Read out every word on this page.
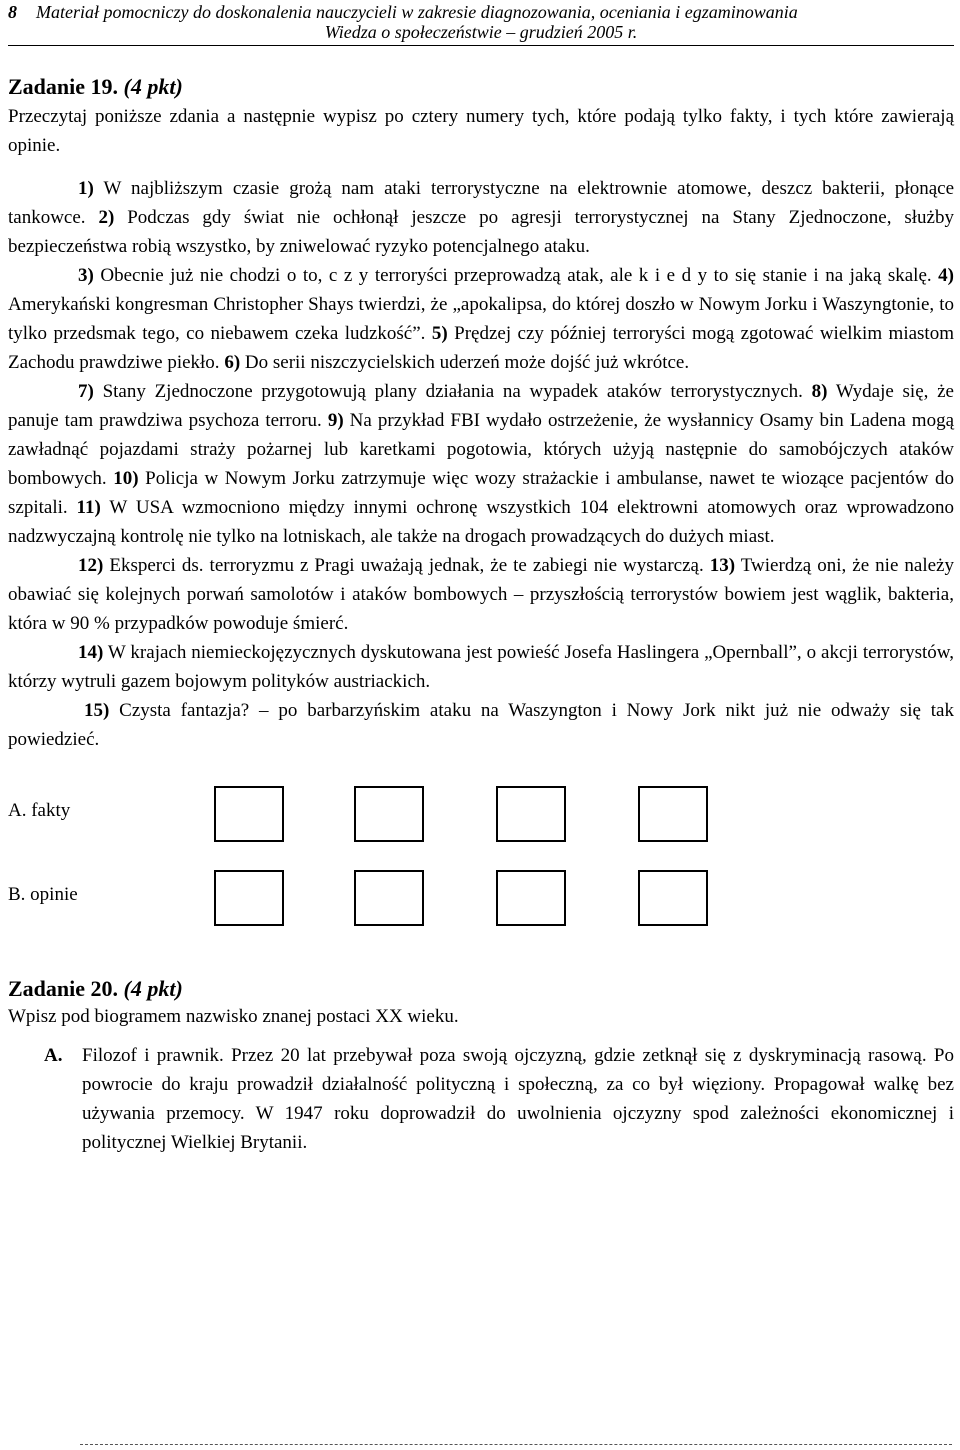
8 Materiał pomocniczy do doskonalenia nauczycieli w zakresie diagnozowania, oceniania i egzaminowania
Wiedza o społeczeństwie – grudzień 2005 r.
Zadanie 19. (4 pkt)

Przeczytaj poniższe zdania a następnie wypisz po cztery numery tych, które podają tylko fakty, i tych które zawierają opinie.

1) W najbliższym czasie grożą nam ataki terrorystyczne na elektrownie atomowe, deszcz bakterii, płonące tankowce. 2) Podczas gdy świat nie ochłonął jeszcze po agresji terrorystycznej na Stany Zjednoczone, służby bezpieczeństwa robią wszystko, by zniwelować ryzyko potencjalnego ataku.

3) Obecnie już nie chodzi o to, c z y terroryści przeprowadzą atak, ale k i e d y to się stanie i na jaką skalę. 4) Amerykański kongresman Christopher Shays twierdzi, że „apokalipsa, do której doszło w Nowym Jorku i Waszyngtonie, to tylko przedsmak tego, co niebawem czeka ludzkość”. 5) Prędzej czy później terroryści mogą zgotować wielkim miastom Zachodu prawdziwe piekło. 6) Do serii niszczycielskich uderzeń może dojść już wkrótce.

7) Stany Zjednoczone przygotowują plany działania na wypadek ataków terrorystycznych. 8) Wydaje się, że panuje tam prawdziwa psychoza terroru. 9) Na przykład FBI wydało ostrzeżenie, że wysłannicy Osamy bin Ladena mogą zawładnąć pojazdami straży pożarnej lub karetkami pogotowia, których użyją następnie do samobójczych ataków bombowych. 10) Policja w Nowym Jorku zatrzymuje więc wozy strażackie i ambulanse, nawet te wiozące pacjentów do szpitali. 11) W USA wzmocniono między innymi ochronę wszystkich 104 elektrowni atomowych oraz wprowadzono nadzwyczajną kontrolę nie tylko na lotniskach, ale także na drogach prowadzących do dużych miast.

12) Eksperci ds. terroryzmu z Pragi uważają jednak, że te zabiegi nie wystarczą. 13) Twierdzą oni, że nie należy obawiać się kolejnych porwań samolotów i ataków bombowych – przyszłością terrorystów bowiem jest wąglik, bakteria, która w 90 % przypadków powoduje śmierć.

14) W krajach niemieckojęzycznych dyskutowana jest powieść Josefa Haslingera „Opernball”, o akcji terrorystów, którzy wytruli gazem bojowym polityków austriackich.

15) Czysta fantazja? – po barbarzyńskim ataku na Waszyngton i Nowy Jork nikt już nie odważy się tak powiedzieć.

A. fakty
B. opinie
Zadanie 20. (4 pkt)

Wpisz pod biogramem nazwisko znanej postaci XX wieku.

A. Filozof i prawnik. Przez 20 lat przebywał poza swoją ojczyzną, gdzie zetknął się z dyskryminacją rasową. Po powrocie do kraju prowadził działalność polityczną i społeczną, za co był więziony. Propagował walkę bez używania przemocy. W 1947 roku doprowadził do uwolnienia ojczyzny spod zależności ekonomicznej i politycznej Wielkiej Brytanii.
